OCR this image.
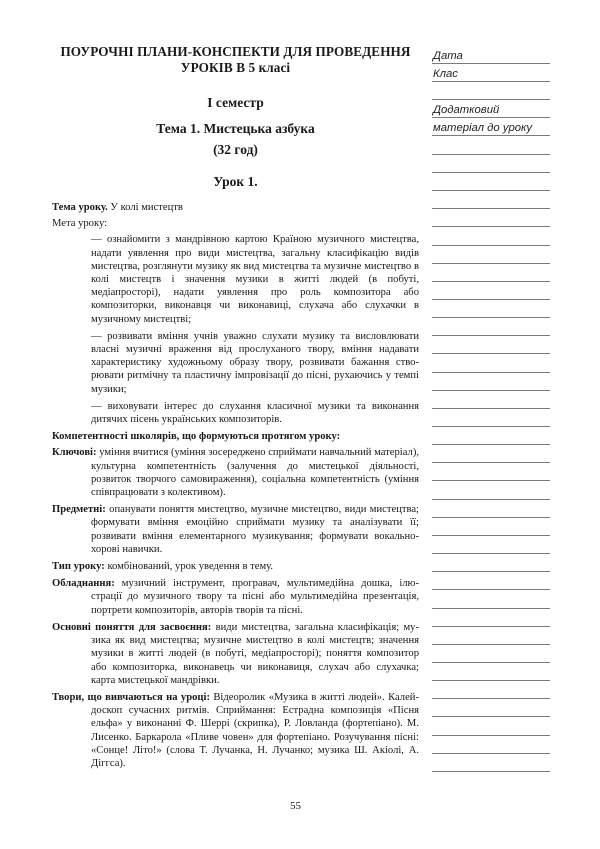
ПОУРОЧНІ ПЛАНИ-КОНСПЕКТИ ДЛЯ ПРОВЕДЕННЯ
УРОКІВ В 5 класі
І семестр
Тема 1. Мистецька азбука
(32 год)
Урок 1.

Тема уроку. У колі мистецтв

Мета уроку:

— ознайомити з мандрівною картою Країною музичного мистецтва, надати уявлення про види мистецтва, загальну класифікацію видів мистецтва, розглянути музику як вид мистецтва та музичне мистецтво в колі мистецтв і значення музики в житті людей (в побуті, медіапросторі), надати уявлення про роль композитора або композиторки, виконавця чи виконавиці, слухача або слухачки в музичному мистецтві;

— розвивати вміння учнів уважно слухати музику та висловлювати власні музичні враження від прослуханого твору, вміння надавати характеристику художньому образу твору, розвивати бажання створювати ритмічну та пластичну імпровізації до пісні, рухаючись у темпі музики;

— виховувати інтерес до слухання класичної музики та виконання дитячих пісень українських композиторів.

Компетентності школярів, що формуються протягом уроку:

Ключові: уміння вчитися (уміння зосереджено сприймати навчальний матеріал), культурна компетентність (залучення до мистецької діяльності, розвиток творчого самовираження), соціальна компетентність (уміння співпрацювати з колективом).

Предметні: опанувати поняття мистецтво, музичне мистецтво, види мистецтва; формувати вміння емоційно сприймати музику та аналізувати її; розвивати вміння елементарного музикування; формувати вокально-хорові навички.

Тип уроку: комбінований, урок уведення в тему.

Обладнання: музичний інструмент, програвач, мультимедійна дошка, ілюстрації до музичного твору та пісні або мультимедійна презентація, портрети композиторів, авторів творів та пісні.

Основні поняття для засвоєння: види мистецтва, загальна класифікація; музика як вид мистецтва; музичне мистецтво в колі мистецтв; значення музики в житті людей (в побуті, медіапросторі); поняття композитор або композиторка, виконавець чи виконавиця, слухач або слухачка; карта мистецької мандрівки.

Твори, що вивчаються на уроці: Відеоролик «Музика в житті людей». Калейдоскоп сучасних ритмів. Сприймання: Естрадна композиція «Пісня ельфа» у виконанні Ф. Шеррі (скрипка), Р. Ловланда (фортепіано). М. Лисенко. Баркарола «Пливе човен» для фортепіано. Розучування пісні: «Сонце! Літо!» (слова Т. Лучанка, Н. Лучанко; музика Ш. Акіолі, А. Діггса).

Дата
Клас
Додатковий
матеріал до уроку
55
